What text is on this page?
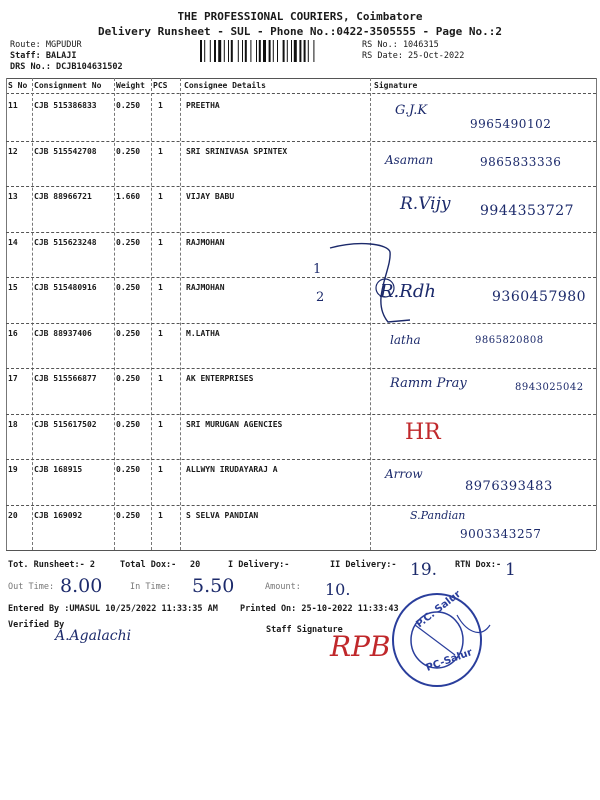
THE PROFESSIONAL COURIERS, Coimbatore
Delivery Runsheet - SUL - Phone No.:0422-3505555 - Page No.:2
Route: MGPUDUR
Staff: BALAJI
DRS No.: DCJB104631502
RS No.: 1046315
RS Date: 25-Oct-2022
S No Consignment No Weight PCS Consignee Details	Signature
11 CJB 515386833 0.250 1	PREETHA	G.J.K
9965490102
12 CJB 515542708 0.250 1	SRI SRINIVASA SPINTEX
Asaman	9865833336
13 CJB 88966721	1.660 1	VIJAY BABU	R.Vijy 9944353727
14 CJB 515623248 0.250 1	RAJMOHAN
15 CJB 515480916 0.250 1	RAJMOHAN	R.Rdh	9360457980
16 CJB 88937406	0.250 1	M.LATHA	latha	9865820808
17 CJB 515566877 0.250 1	AK ENTERPRISES	Ramm Pray	8943025042
18 CJB 515617502 0.250 1	SRI MURUGAN AGENCIES	HR
19 CJB 168915	0.250 1	ALLWYN IRUDAYARAJ A	Arrow
8976393483
20 CJB 169092	0.250 1	S SELVA PANDIAN	S.Pandian
9003343257
1
2
Tot. Runsheet:- 2	Total Dox:- 20	I Delivery:-	II Delivery:- 19. RTN Dox:- 1
Out Time: 8.00	In Time: 5.50	Amount: 10.
Entered By :UMASUL 10/25/2022 11:33:35 AM	Printed On: 25-10-2022 11:33:43
Verified By
A.Agalachi	Staff Signature
RPB
P.C. Salur
PC-Salur
